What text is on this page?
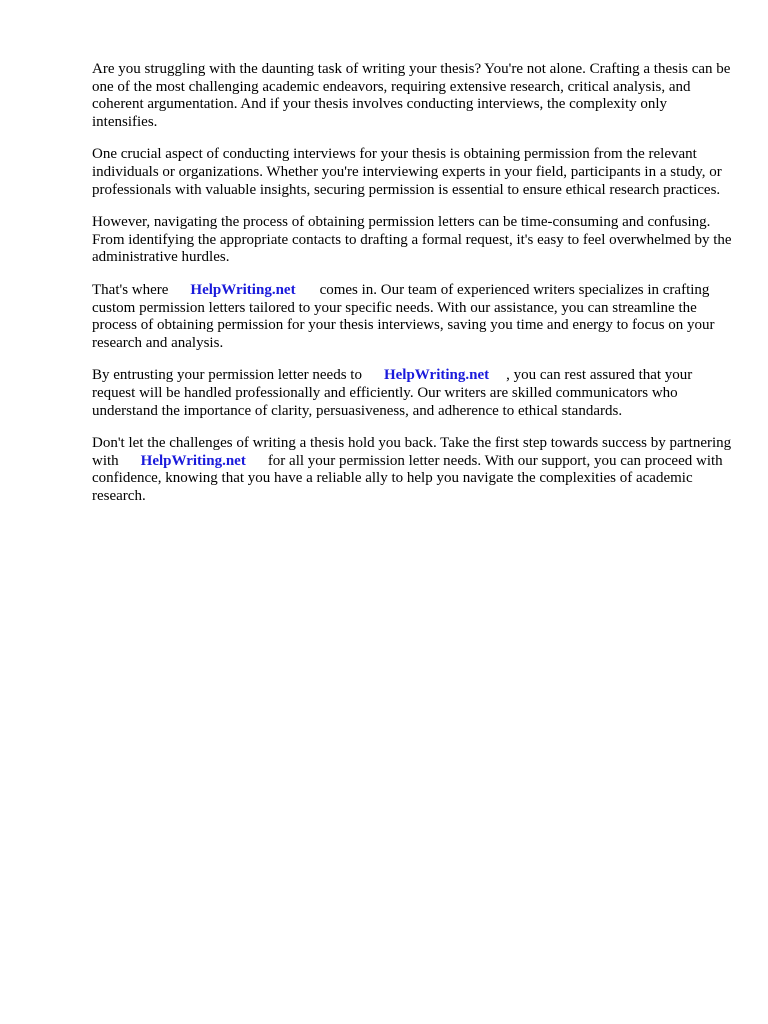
Are you struggling with the daunting task of writing your thesis? You're not alone. Crafting a thesis can be one of the most challenging academic endeavors, requiring extensive research, critical analysis, and coherent argumentation. And if your thesis involves conducting interviews, the complexity only intensifies.

One crucial aspect of conducting interviews for your thesis is obtaining permission from the relevant individuals or organizations. Whether you're interviewing experts in your field, participants in a study, or professionals with valuable insights, securing permission is essential to ensure ethical research practices.

However, navigating the process of obtaining permission letters can be time-consuming and confusing. From identifying the appropriate contacts to drafting a formal request, it's easy to feel overwhelmed by the administrative hurdles.

That's where HelpWriting.net comes in. Our team of experienced writers specializes in crafting custom permission letters tailored to your specific needs. With our assistance, you can streamline the process of obtaining permission for your thesis interviews, saving you time and energy to focus on your research and analysis.

By entrusting your permission letter needs to HelpWriting.net , you can rest assured that your request will be handled professionally and efficiently. Our writers are skilled communicators who understand the importance of clarity, persuasiveness, and adherence to ethical standards.

Don't let the challenges of writing a thesis hold you back. Take the first step towards success by partnering with HelpWriting.net for all your permission letter needs. With our support, you can proceed with confidence, knowing that you have a reliable ally to help you navigate the complexities of academic research.
